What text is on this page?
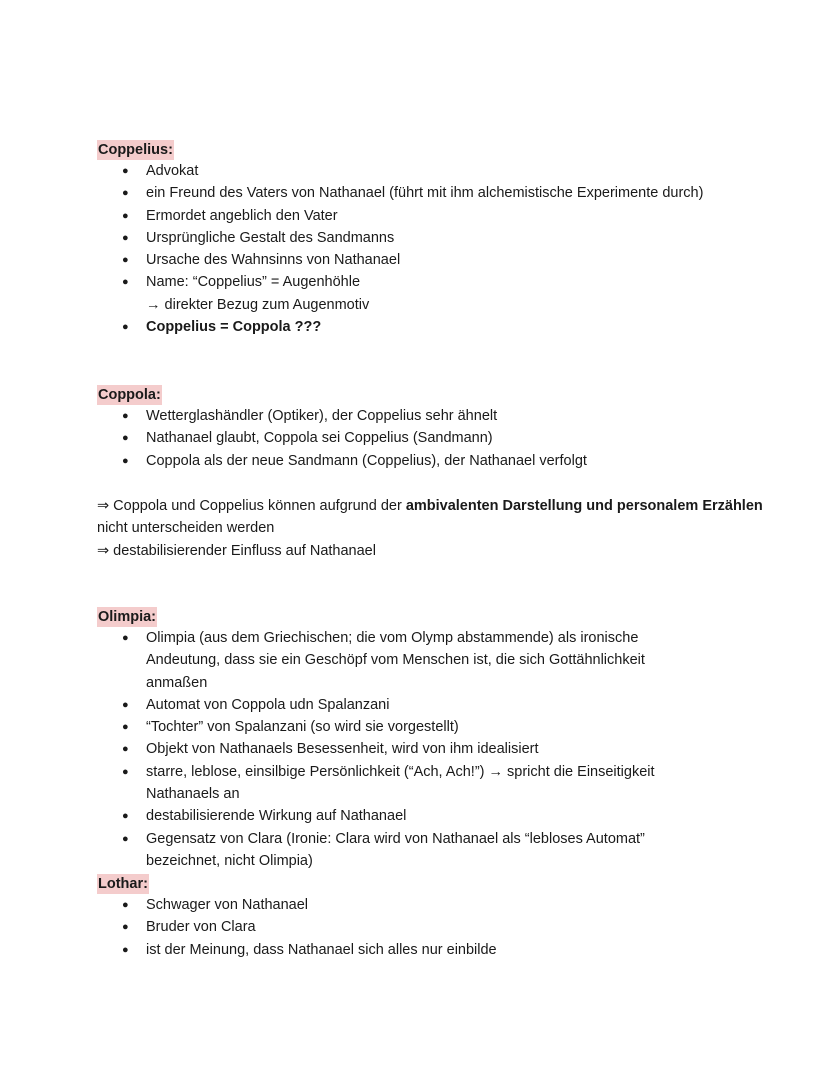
Coppelius:
● Advokat
● ein Freund des Vaters von Nathanael (führt mit ihm alchemistische Experimente durch)
● Ermordet angeblich den Vater
● Ursprüngliche Gestalt des Sandmanns
● Ursache des Wahnsinns von Nathanael
● Name: “Coppelius” = Augenhöhle
→ direkter Bezug zum Augenmotiv
● Coppelius = Coppola ???
Coppola:
● Wetterglashändler (Optiker), der Coppelius sehr ähnelt
● Nathanael glaubt, Coppola sei Coppelius (Sandmann)
● Coppola als der neue Sandmann (Coppelius), der Nathanael verfolgt

⇒ Coppola und Coppelius können aufgrund der ambivalenten Darstellung und personalem Erzählen nicht unterscheiden werden

⇒ destabilisierender Einfluss auf Nathanael

Olimpia:
● Olimpia (aus dem Griechischen; die vom Olymp abstammende) als ironische Andeutung, dass sie ein Geschöpf vom Menschen ist, die sich Gottähnlichkeit anmaßen
● Automat von Coppola udn Spalanzani
● “Tochter” von Spalanzani (so wird sie vorgestellt)
● Objekt von Nathanaels Besessenheit, wird von ihm idealisiert
● starre, leblose, einsilbige Persönlichkeit (“Ach, Ach!”) → spricht die Einseitigkeit Nathanaels an
● destabilisierende Wirkung auf Nathanael
● Gegensatz von Clara (Ironie: Clara wird von Nathanael als “lebloses Automat” bezeichnet, nicht Olimpia)
Lothar:
● Schwager von Nathanael
● Bruder von Clara
● ist der Meinung, dass Nathanael sich alles nur einbilde
